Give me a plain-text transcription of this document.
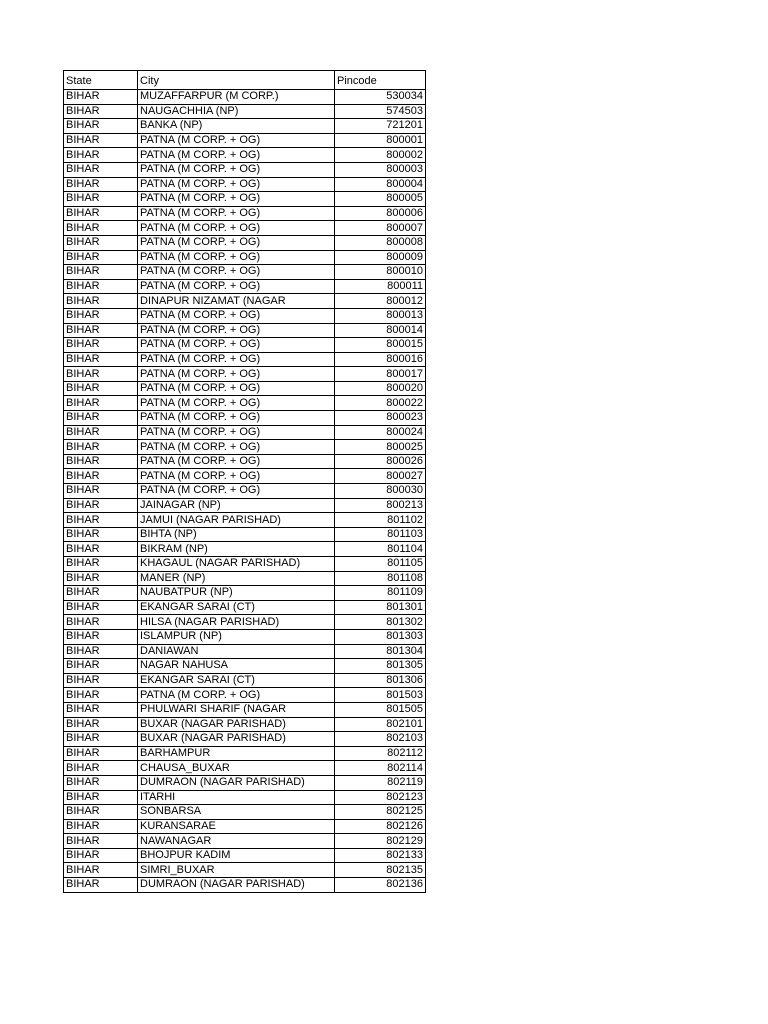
State	City	Pincode
BIHAR	MUZAFFARPUR (M CORP.)	530034
BIHAR	NAUGACHHIA (NP)	574503
BIHAR	BANKA (NP)	721201
BIHAR	PATNA (M CORP. + OG)	800001
BIHAR	PATNA (M CORP. + OG)	800002
BIHAR	PATNA (M CORP. + OG)	800003
BIHAR	PATNA (M CORP. + OG)	800004
BIHAR	PATNA (M CORP. + OG)	800005
BIHAR	PATNA (M CORP. + OG)	800006
BIHAR	PATNA (M CORP. + OG)	800007
BIHAR	PATNA (M CORP. + OG)	800008
BIHAR	PATNA (M CORP. + OG)	800009
BIHAR	PATNA (M CORP. + OG)	800010
BIHAR	PATNA (M CORP. + OG)	800011
BIHAR	DINAPUR NIZAMAT (NAGAR	800012
BIHAR	PATNA (M CORP. + OG)	800013
BIHAR	PATNA (M CORP. + OG)	800014
BIHAR	PATNA (M CORP. + OG)	800015
BIHAR	PATNA (M CORP. + OG)	800016
BIHAR	PATNA (M CORP. + OG)	800017
BIHAR	PATNA (M CORP. + OG)	800020
BIHAR	PATNA (M CORP. + OG)	800022
BIHAR	PATNA (M CORP. + OG)	800023
BIHAR	PATNA (M CORP. + OG)	800024
BIHAR	PATNA (M CORP. + OG)	800025
BIHAR	PATNA (M CORP. + OG)	800026
BIHAR	PATNA (M CORP. + OG)	800027
BIHAR	PATNA (M CORP. + OG)	800030
BIHAR	JAINAGAR (NP)	800213
BIHAR	JAMUI (NAGAR PARISHAD)	801102
BIHAR	BIHTA (NP)	801103
BIHAR	BIKRAM (NP)	801104
BIHAR	KHAGAUL (NAGAR PARISHAD)	801105
BIHAR	MANER (NP)	801108
BIHAR	NAUBATPUR (NP)	801109
BIHAR	EKANGAR SARAI (CT)	801301
BIHAR	HILSA (NAGAR PARISHAD)	801302
BIHAR	ISLAMPUR (NP)	801303
BIHAR	DANIAWAN	801304
BIHAR	NAGAR NAHUSA	801305
BIHAR	EKANGAR SARAI (CT)	801306
BIHAR	PATNA (M CORP. + OG)	801503
BIHAR	PHULWARI SHARIF (NAGAR	801505
BIHAR	BUXAR (NAGAR PARISHAD)	802101
BIHAR	BUXAR (NAGAR PARISHAD)	802103
BIHAR	BARHAMPUR	802112
BIHAR	CHAUSA_BUXAR	802114
BIHAR	DUMRAON (NAGAR PARISHAD)	802119
BIHAR	ITARHI	802123
BIHAR	SONBARSA	802125
BIHAR	KURANSARAE	802126
BIHAR	NAWANAGAR	802129
BIHAR	BHOJPUR KADIM	802133
BIHAR	SIMRI_BUXAR	802135
BIHAR	DUMRAON (NAGAR PARISHAD)	802136
